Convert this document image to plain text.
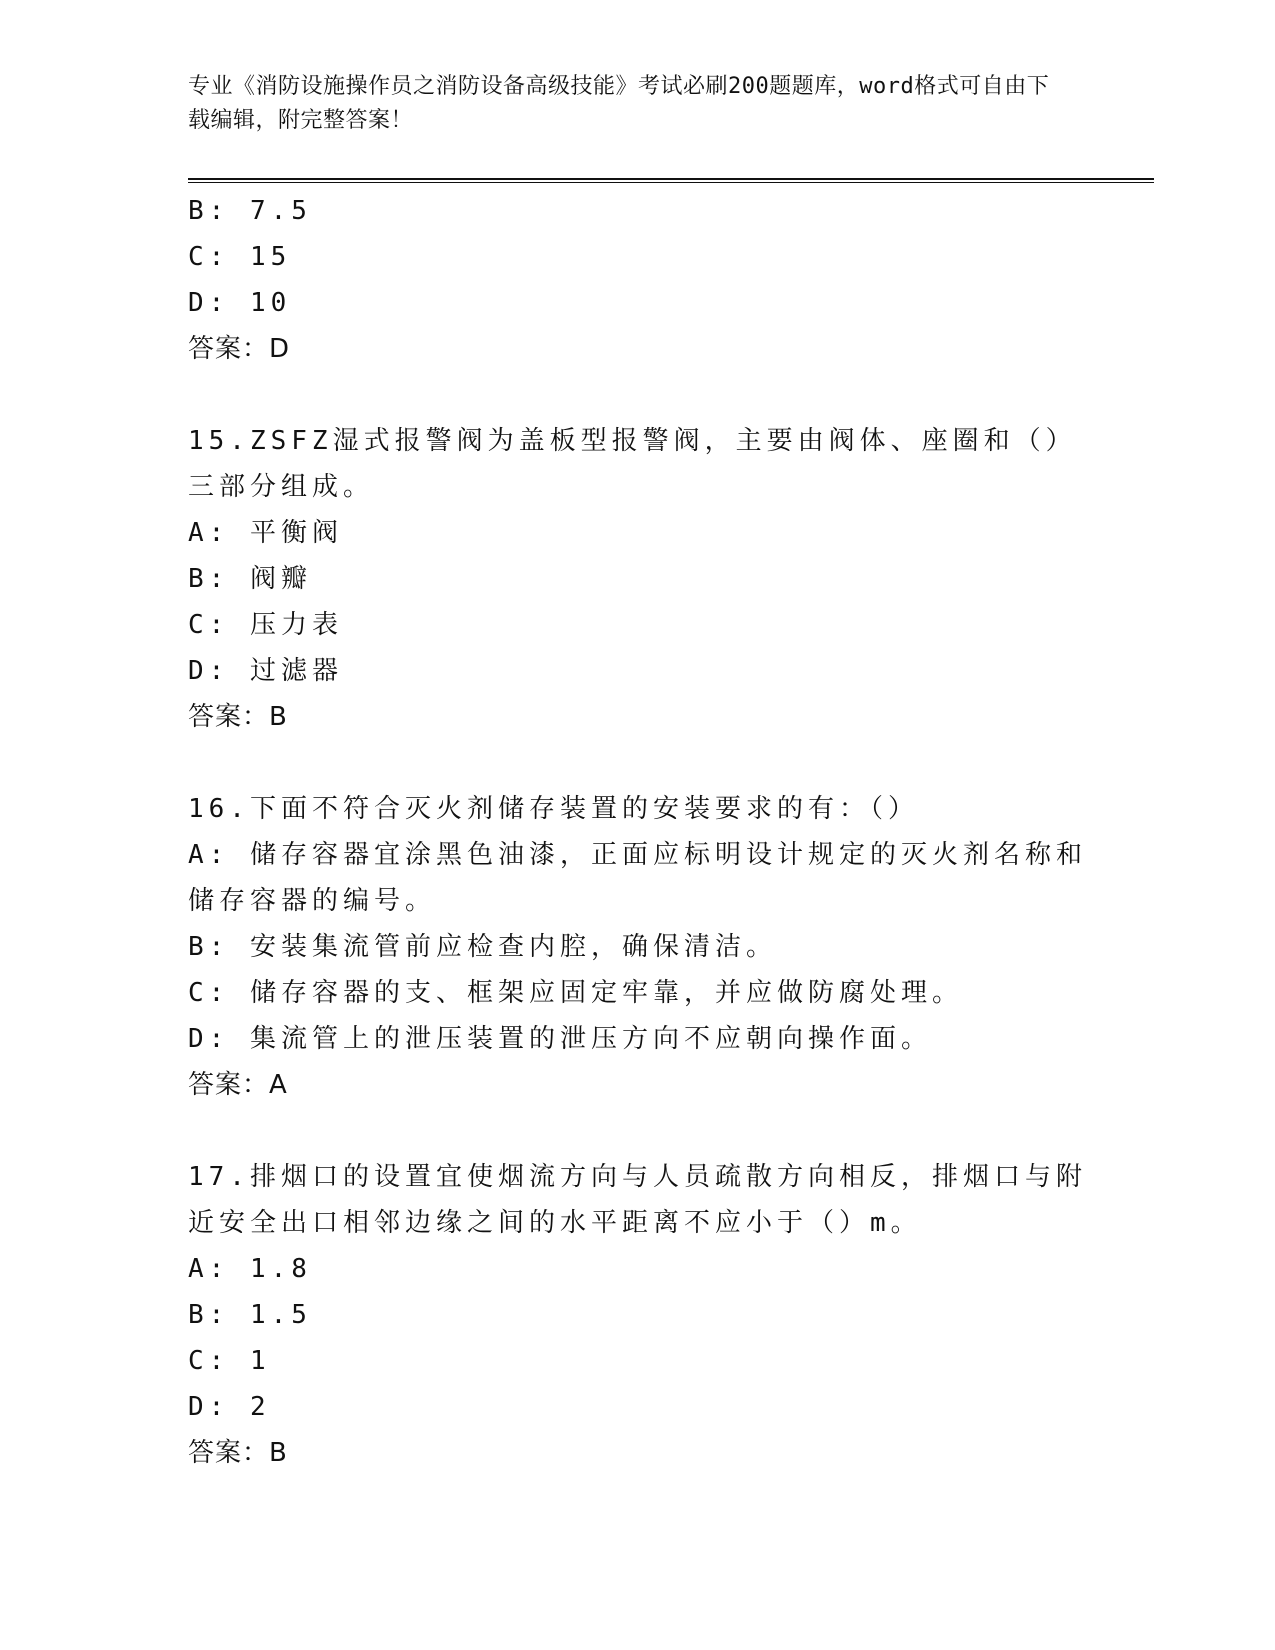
专业《消防设施操作员之消防设备高级技能》考试必刷200题题库，word格式可自由下载编辑，附完整答案！
B: 7.5
C: 15
D: 10
答案：D
15.ZSFZ湿式报警阀为盖板型报警阀，主要由阀体、座圈和（）三部分组成。
A: 平衡阀
B: 阀瓣
C: 压力表
D: 过滤器
答案：B
16.下面不符合灭火剂储存装置的安装要求的有：（）
A: 储存容器宜涂黑色油漆，正面应标明设计规定的灭火剂名称和储存容器的编号。
B: 安装集流管前应检查内腔，确保清洁。
C: 储存容器的支、框架应固定牢靠，并应做防腐处理。
D: 集流管上的泄压装置的泄压方向不应朝向操作面。
答案：A
17.排烟口的设置宜使烟流方向与人员疏散方向相反，排烟口与附近安全出口相邻边缘之间的水平距离不应小于（）m。
A: 1.8
B: 1.5
C: 1
D: 2
答案：B
